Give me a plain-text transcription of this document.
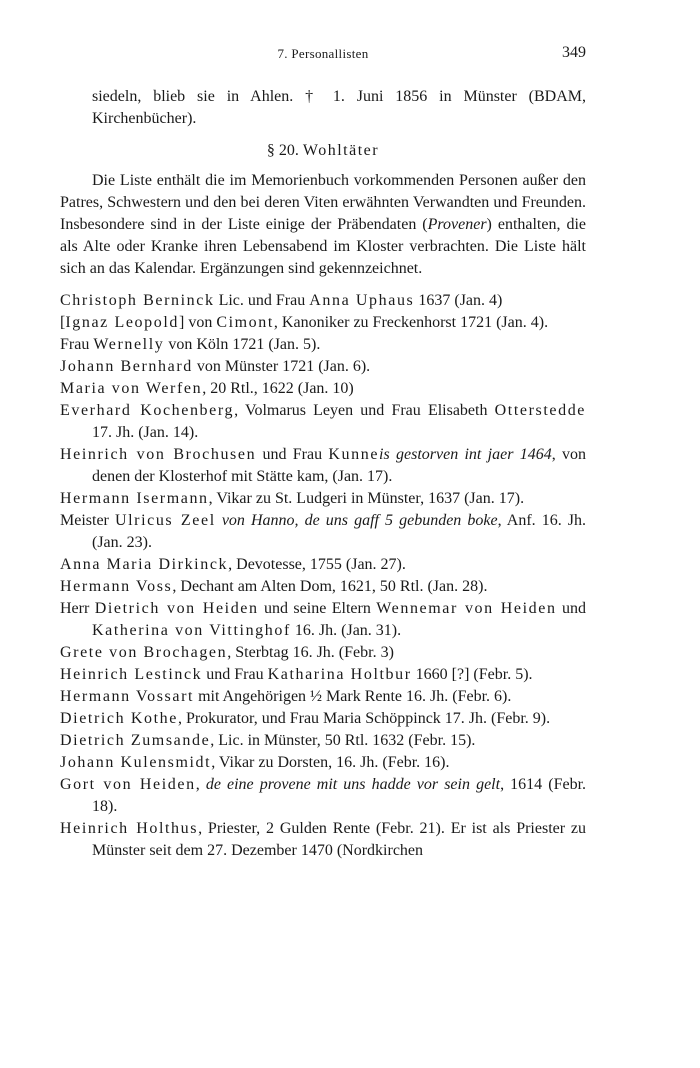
7. Personallisten	349

siedeln, blieb sie in Ahlen. † 1. Juni 1856 in Münster (BDAM, Kirchenbücher).

§ 20. Wohltäter

Die Liste enthält die im Memorienbuch vorkommenden Personen außer den Patres, Schwestern und den bei deren Viten erwähnten Verwandten und Freunden. Insbesondere sind in der Liste einige der Präbendaten (Provener) enthalten, die als Alte oder Kranke ihren Lebensabend im Kloster verbrachten. Die Liste hält sich an das Kalendar. Ergänzungen sind gekennzeichnet.

Christoph Berninck Lic. und Frau Anna Uphaus 1637 (Jan. 4)

[Ignaz Leopold] von Cimont, Kanoniker zu Freckenhorst 1721 (Jan. 4).

Frau Wernelly von Köln 1721 (Jan. 5).

Johann Bernhard von Münster 1721 (Jan. 6).

Maria von Werfen, 20 Rtl., 1622 (Jan. 10)

Everhard Kochenberg, Volmarus Leyen und Frau Elisabeth Otterstedde 17. Jh. (Jan. 14).

Heinrich von Brochusen und Frau Kunneis gestorven int jaer 1464, von denen der Klosterhof mit Stätte kam, (Jan. 17).

Hermann Isermann, Vikar zu St. Ludgeri in Münster, 1637 (Jan. 17).

Meister Ulricus Zeel von Hanno, de uns gaff 5 gebunden boke, Anf. 16. Jh. (Jan. 23).

Anna Maria Dirkinck, Devotesse, 1755 (Jan. 27).

Hermann Voss, Dechant am Alten Dom, 1621, 50 Rtl. (Jan. 28).

Herr Dietrich von Heiden und seine Eltern Wennemar von Heiden und Katherina von Vittinghof 16. Jh. (Jan. 31).

Grete von Brochagen, Sterbtag 16. Jh. (Febr. 3)

Heinrich Lestinck und Frau Katharina Holtbur 1660 [?] (Febr. 5).

Hermann Vossart mit Angehörigen ½ Mark Rente 16. Jh. (Febr. 6).

Dietrich Kothe, Prokurator, und Frau Maria Schöppinck 17. Jh. (Febr. 9).

Dietrich Zumsande, Lic. in Münster, 50 Rtl. 1632 (Febr. 15).

Johann Kulensmidt, Vikar zu Dorsten, 16. Jh. (Febr. 16).

Gort von Heiden, de eine provene mit uns hadde vor sein gelt, 1614 (Febr. 18).

Heinrich Holthus, Priester, 2 Gulden Rente (Febr. 21). Er ist als Priester zu Münster seit dem 27. Dezember 1470 (Nordkirchen
